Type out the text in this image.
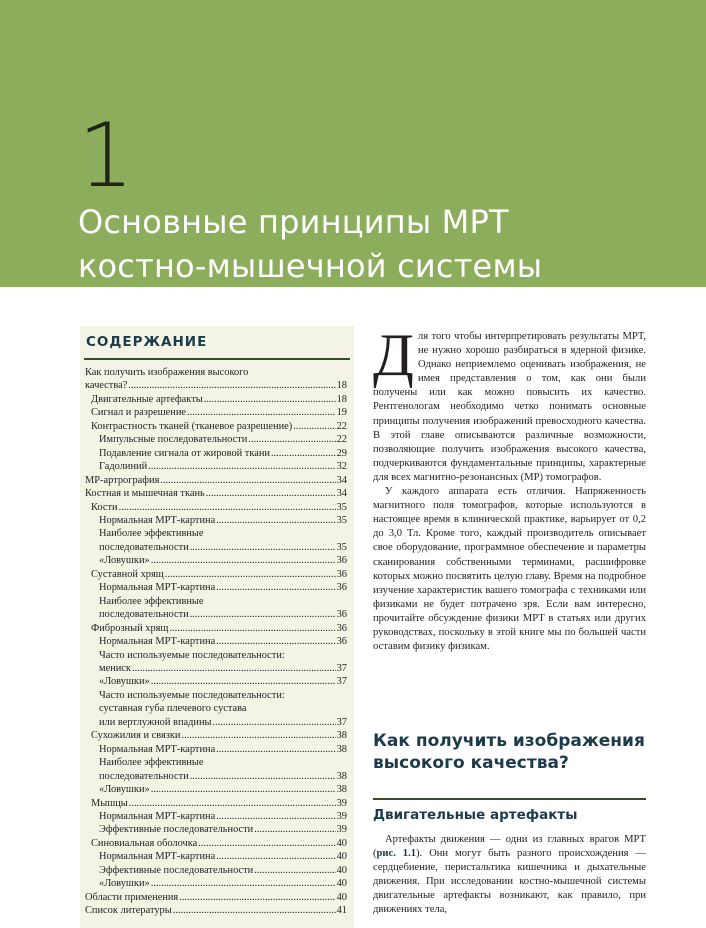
1
Основные принципы МРТ
костно-мышечной системы
СОДЕРЖАНИЕ
Как получить изображения высокого
качества? .....	18
Двигательные артефакты .....	18
Сигнал и разрешение .....	19
Контрастность тканей (тканевое разрешение) .....	22
Импульсные последовательности .....	22
Подавление сигнала от жировой ткани .....	29
Гадолиний .....	32
МР-артрография .....	34
Костная и мышечная ткань .....	34
Кости .....	35
Нормальная МРТ-картина .....	35
Наиболее эффективные
последовательности .....	35
«Ловушки» .....	36
Суставной хрящ .....	36
Нормальная МРТ-картина .....	36
Наиболее эффективные
последовательности .....	36
Фиброзный хрящ .....	36
Нормальная МРТ-картина .....	36
Часто используемые последовательности:
мениск .....	37
«Ловушки» .....	37
Часто используемые последовательности:
суставная губа плечевого сустава
или вертлужной впадины .....	37
Сухожилия и связки .....	38
Нормальная МРТ-картина .....	38
Наиболее эффективные
последовательности .....	38
«Ловушки» .....	38
Мышцы .....	39
Нормальная МРТ-картина .....	39
Эффективные последовательности .....	39
Синовиальная оболочка .....	40
Нормальная МРТ-картина .....	40
Эффективные последовательности .....	40
«Ловушки» .....	40
Области применения .....	40
Список литературы .....	41

Для того чтобы интерпретировать результаты МРТ, не нужно хорошо разбираться в ядерной физике. Однако неприемлемо оценивать изображения, не имея представления о том, как они были получены или как можно повысить их качество. Рентгенологам необходимо четко понимать основные принципы получения изображений превосходного качества. В этой главе описываются различные возможности, позволяющие получить изображения высокого качества, подчеркиваются фундаментальные принципы, характерные для всех магнитно-резонансных (МР) томографов.

У каждого аппарата есть отличия. Напряженность магнитного поля томографов, которые используются в настоящее время в клинической практике, варьирует от 0,2 до 3,0 Тл. Кроме того, каждый производитель описывает свое оборудование, программное обеспечение и параметры сканирования собственными терминами, расшифровке которых можно посвятить целую главу. Время на подробное изучение характеристик вашего томографа с техниками или физиками не будет потрачено зря. Если вам интересно, прочитайте обсуждение физики МРТ в статьях или других руководствах, поскольку в этой книге мы по большей части оставим физику физикам.

Как получить изображения высокого качества?
Двигательные артефакты

Артефакты движения — одни из главных врагов МРТ (рис. 1.1). Они могут быть разного происхождения — сердцебиение, перистальтика кишечника и дыхательные движения. При исследовании костно-мышечной системы двигательные артефакты возникают, как правило, при движениях тела,
